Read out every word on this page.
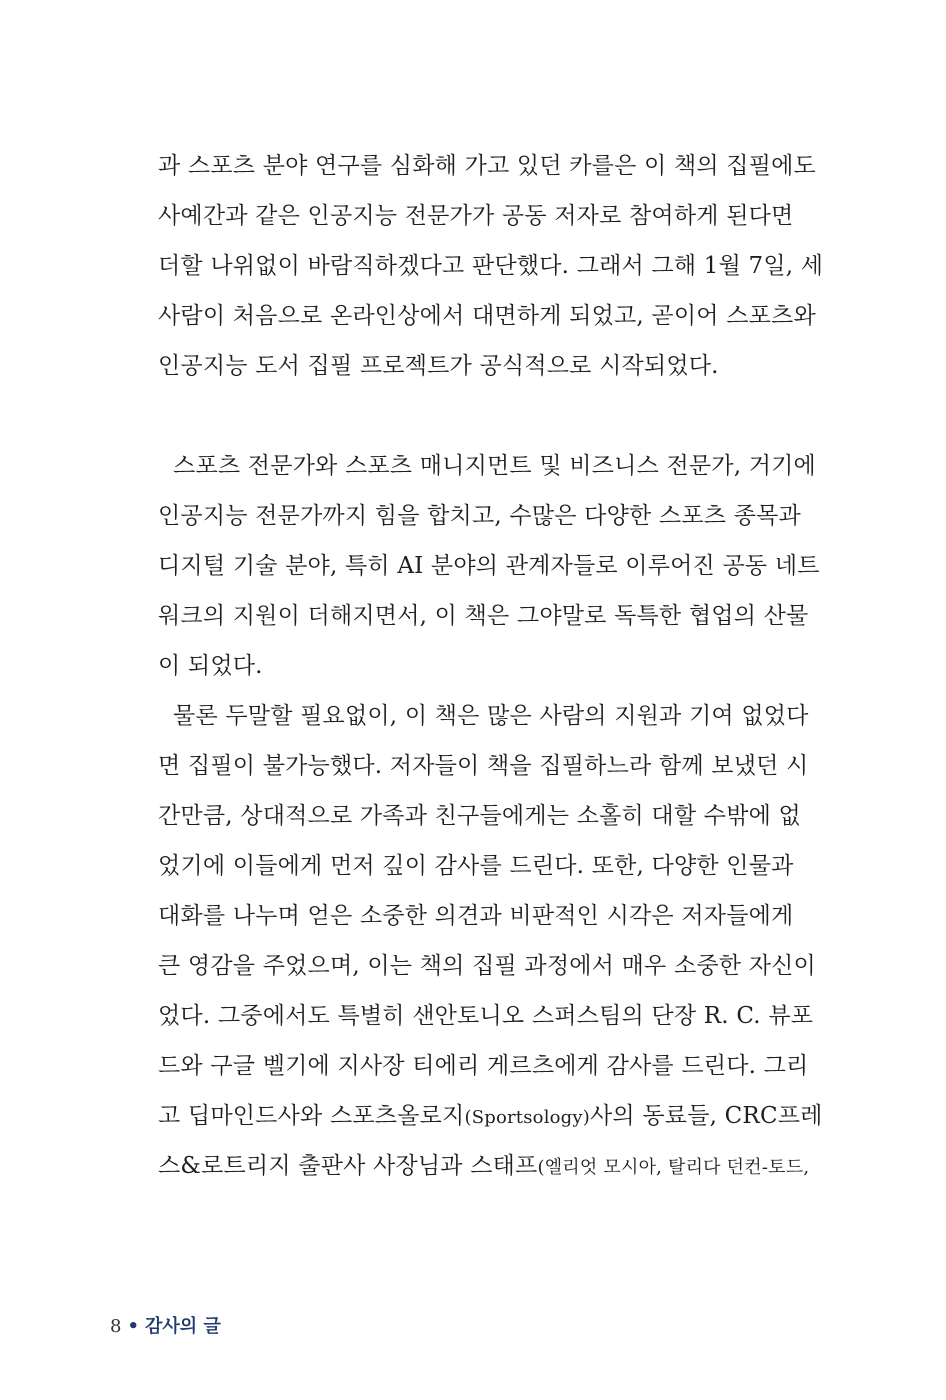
과 스포츠 분야 연구를 심화해 가고 있던 카를은 이 책의 집필에도
사예간과 같은 인공지능 전문가가 공동 저자로 참여하게 된다면
더할 나위없이 바람직하겠다고 판단했다. 그래서 그해 1월 7일, 세
사람이 처음으로 온라인상에서 대면하게 되었고, 곧이어 스포츠와
인공지능 도서 집필 프로젝트가 공식적으로 시작되었다.
스포츠 전문가와 스포츠 매니지먼트 및 비즈니스 전문가, 거기에
인공지능 전문가까지 힘을 합치고, 수많은 다양한 스포츠 종목과
디지털 기술 분야, 특히 AI 분야의 관계자들로 이루어진 공동 네트
워크의 지원이 더해지면서, 이 책은 그야말로 독특한 협업의 산물
이 되었다.
물론 두말할 필요없이, 이 책은 많은 사람의 지원과 기여 없었다
면 집필이 불가능했다. 저자들이 책을 집필하느라 함께 보냈던 시
간만큼, 상대적으로 가족과 친구들에게는 소홀히 대할 수밖에 없
었기에 이들에게 먼저 깊이 감사를 드린다. 또한, 다양한 인물과
대화를 나누며 얻은 소중한 의견과 비판적인 시각은 저자들에게
큰 영감을 주었으며, 이는 책의 집필 과정에서 매우 소중한 자신이
었다. 그중에서도 특별히 샌안토니오 스퍼스팀의 단장 R. C. 뷰포
드와 구글 벨기에 지사장 티에리 게르츠에게 감사를 드린다. 그리
고 딥마인드사와 스포츠올로지(Sportsology)사의 동료들, CRC프레
스&로트리지 출판사 사장님과 스태프(엘리엇 모시아, 탈리다 던컨-토드,
8 • 감사의 글
